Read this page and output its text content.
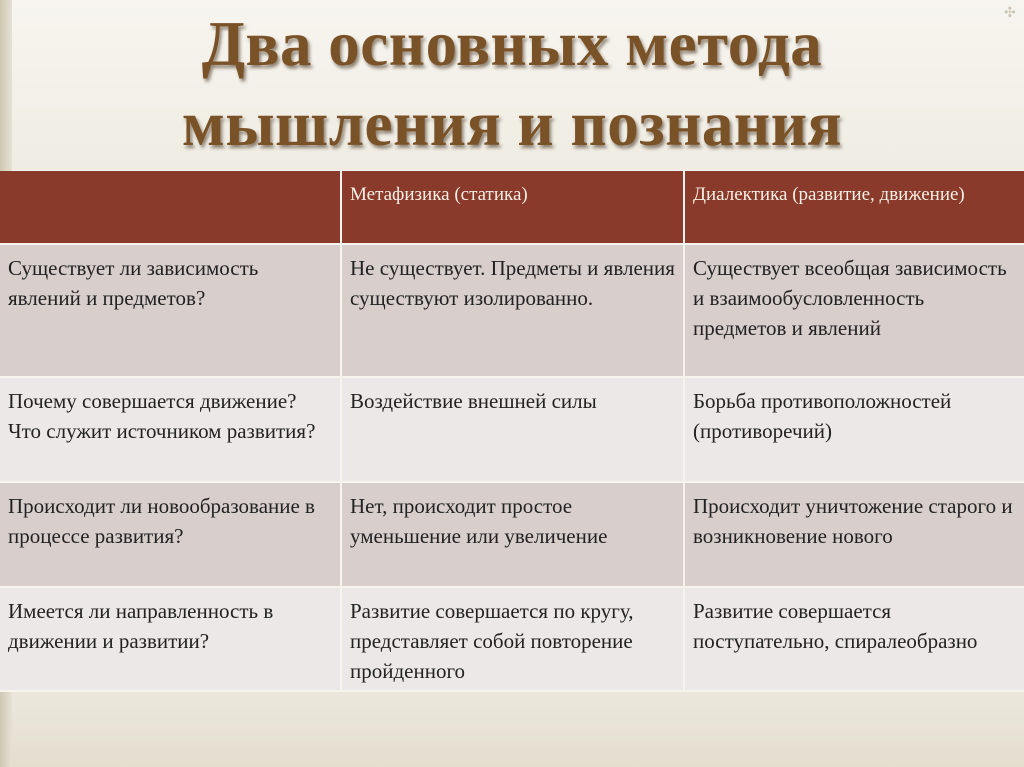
✣
Два основных метода
мышления и познания
	Метафизика (статика)	Диалектика (развитие, движение)
Существует ли зависимость явлений и предметов?	Не существует. Предметы и явления существуют изолированно.	Существует всеобщая зависимость и взаимообусловленность предметов и явлений
Почему совершается движение? Что служит источником развития?	Воздействие внешней силы	Борьба противоположностей (противоречий)
Происходит ли новообразование в процессе развития?	Нет, происходит простое уменьшение или увеличение	Происходит уничтожение старого и возникновение нового
Имеется ли направленность в движении и развитии?	Развитие совершается по кругу, представляет собой повторение пройденного	Развитие совершается поступательно, спиралеобразно
